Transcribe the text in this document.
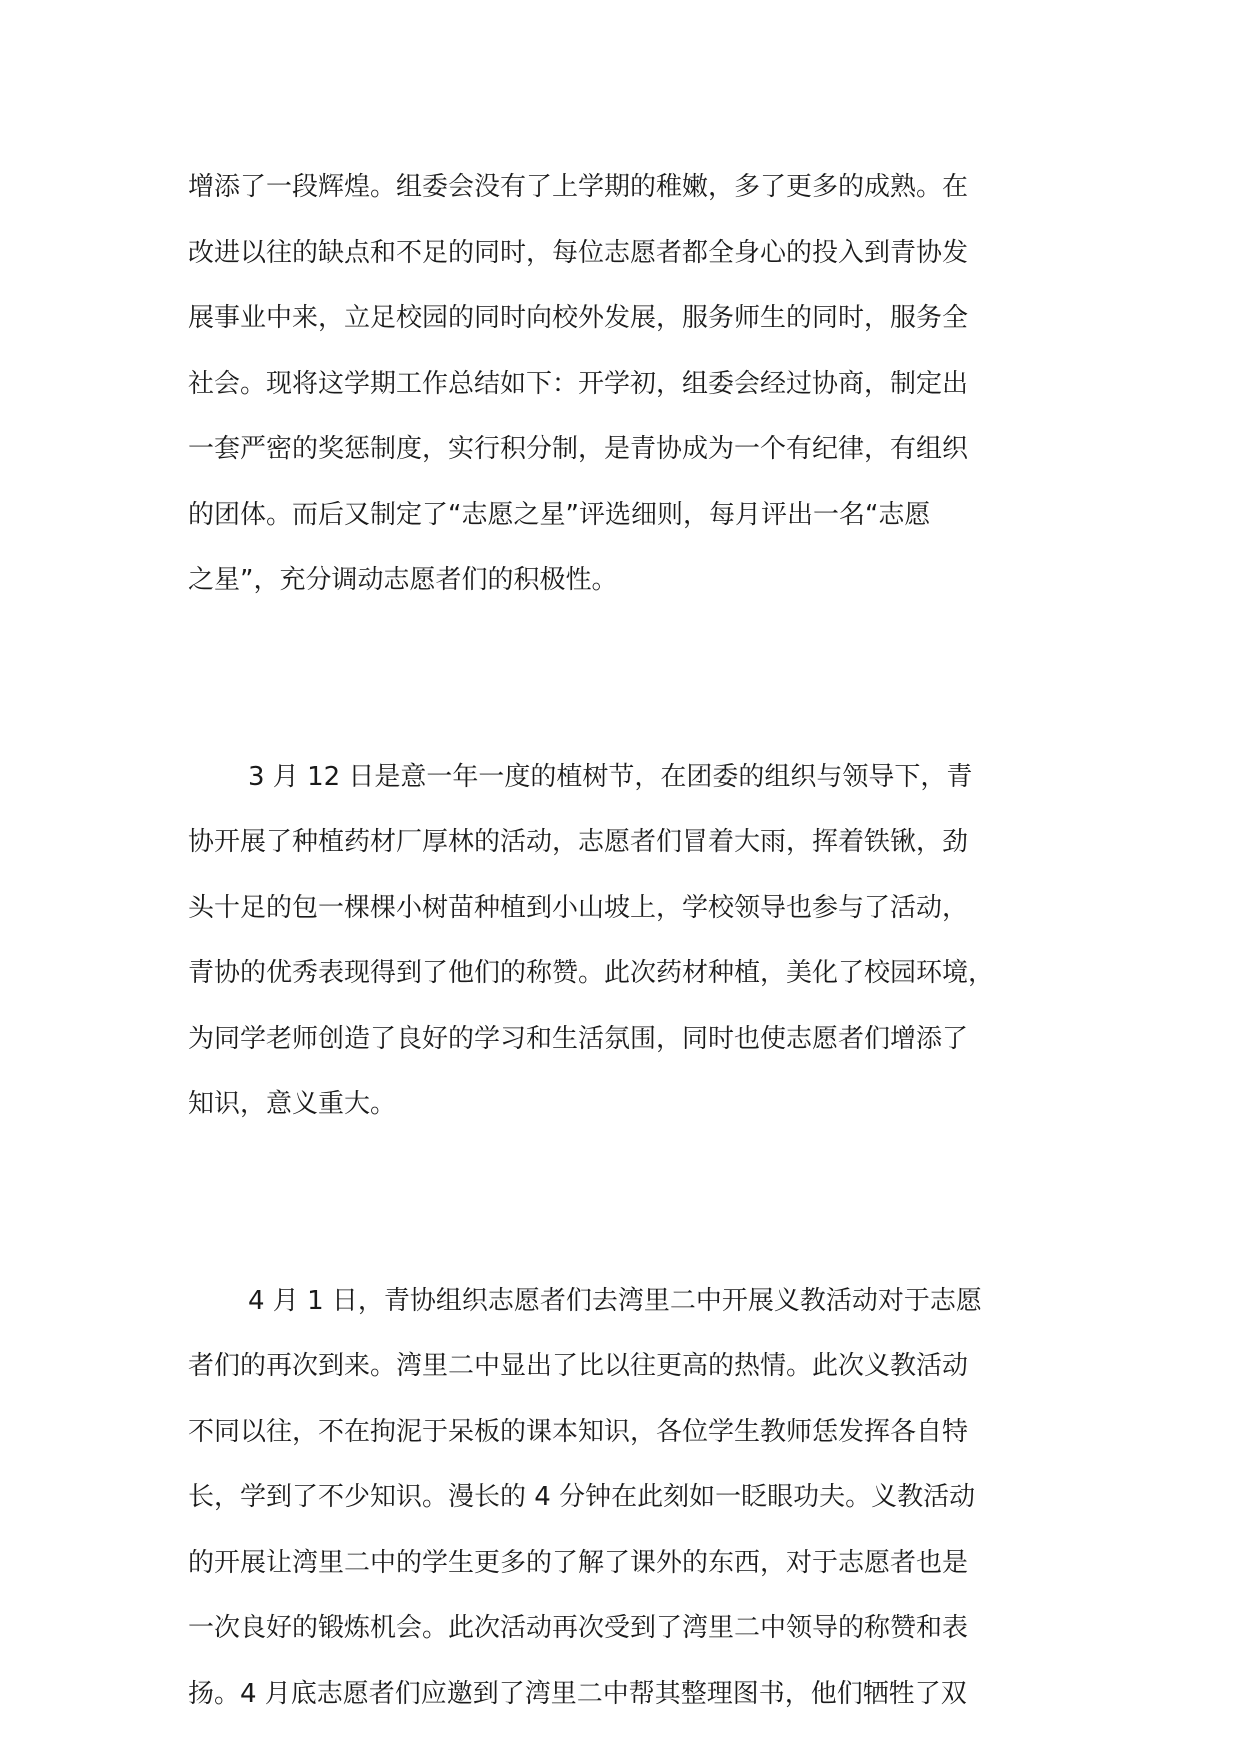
增添了一段辉煌。组委会没有了上学期的稚嫩，多了更多的成熟。在
改进以往的缺点和不足的同时，每位志愿者都全身心的投入到青协发
展事业中来，立足校园的同时向校外发展，服务师生的同时，服务全
社会。现将这学期工作总结如下：开学初，组委会经过协商，制定出
一套严密的奖惩制度，实行积分制，是青协成为一个有纪律，有组织
的团体。而后又制定了“志愿之星”评选细则，每月评出一名“志愿
之星”，充分调动志愿者们的积极性。
3 月 12 日是意一年一度的植树节，在团委的组织与领导下，青
协开展了种植药材厂厚林的活动，志愿者们冒着大雨，挥着铁锹，劲
头十足的包一棵棵小树苗种植到小山坡上，学校领导也参与了活动，
青协的优秀表现得到了他们的称赞。此次药材种植，美化了校园环境，
为同学老师创造了良好的学习和生活氛围，同时也使志愿者们增添了
知识，意义重大。
4 月 1 日，青协组织志愿者们去湾里二中开展义教活动对于志愿
者们的再次到来。湾里二中显出了比以往更高的热情。此次义教活动
不同以往，不在拘泥于呆板的课本知识，各位学生教师恁发挥各自特
长，学到了不少知识。漫长的 4 分钟在此刻如一眨眼功夫。义教活动
的开展让湾里二中的学生更多的了解了课外的东西，对于志愿者也是
一次良好的锻炼机会。此次活动再次受到了湾里二中领导的称赞和表
扬。4 月底志愿者们应邀到了湾里二中帮其整理图书，他们牺牲了双
